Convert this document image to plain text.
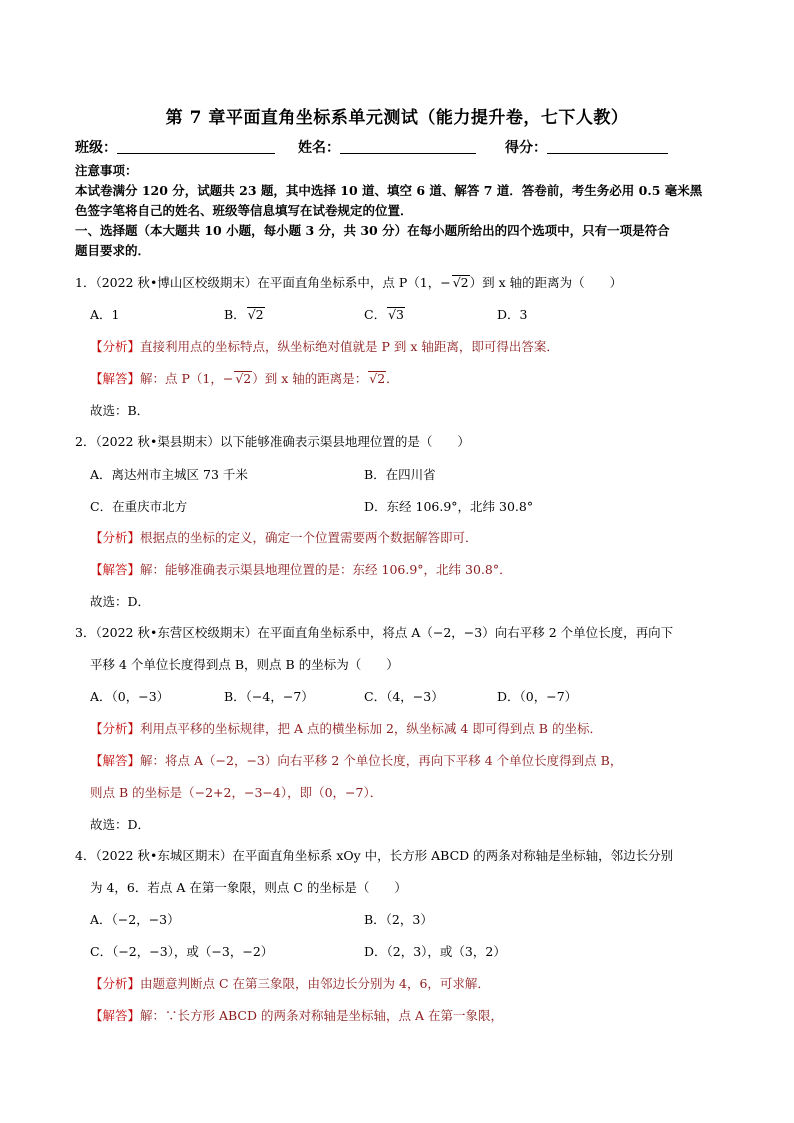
第 7 章平面直角坐标系单元测试（能力提升卷，七下人教）
班级：	姓名：	得分：
注意事项：
本试卷满分 120 分，试题共 23 题，其中选择 10 道、填空 6 道、解答 7 道．答卷前，考生务必用 0.5 毫米黑
色签字笔将自己的姓名、班级等信息填写在试卷规定的位置．
一、选择题（本大题共 10 小题，每小题 3 分，共 30 分）在每小题所给出的四个选项中，只有一项是符合
题目要求的．
1．（2022 秋•博山区校级期末）在平面直角坐标系中，点 P（1，− √2）到 x 轴的距离为（　　）
A．1	B． √2	C． √3	D．3
【分析】直接利用点的坐标特点，纵坐标绝对值就是 P 到 x 轴距离，即可得出答案．
【解答】解：点 P（1，− √2）到 x 轴的距离是： √2．
故选：B．
2．（2022 秋•渠县期末）以下能够准确表示渠县地理位置的是（　　）
A．离达州市主城区 73 千米	B．在四川省
C．在重庆市北方	D．东经 106.9°，北纬 30.8°
【分析】根据点的坐标的定义，确定一个位置需要两个数据解答即可．
【解答】解：能够准确表示渠县地理位置的是：东经 106.9°，北纬 30.8°．
故选：D．
3．（2022 秋•东营区校级期末）在平面直角坐标系中，将点 A（−2，−3）向右平移 2 个单位长度，再向下
平移 4 个单位长度得到点 B，则点 B 的坐标为（　　）
A．（0，−3）	B．（−4，−7）	C．（4，−3）	D．（0，−7）
【分析】利用点平移的坐标规律，把 A 点的横坐标加 2，纵坐标减 4 即可得到点 B 的坐标．
【解答】解：将点 A（−2，−3）向右平移 2 个单位长度，再向下平移 4 个单位长度得到点 B，
则点 B 的坐标是（−2+2，−3−4），即（0，−7）．
故选：D．
4．（2022 秋•东城区期末）在平面直角坐标系 xOy 中，长方形 ABCD 的两条对称轴是坐标轴，邻边长分别
为 4，6．若点 A 在第一象限，则点 C 的坐标是（　　）
A．（−2，−3）	B．（2，3）
C．（−2，−3），或（−3，−2）	D．（2，3），或（3，2）
【分析】由题意判断点 C 在第三象限，由邻边长分别为 4，6，可求解．
【解答】解：∵长方形 ABCD 的两条对称轴是坐标轴，点 A 在第一象限，
